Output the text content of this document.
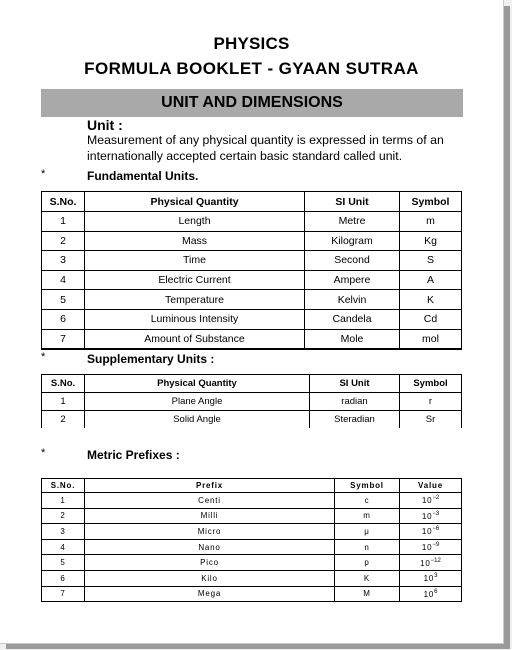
PHYSICS
FORMULA BOOKLET - GYAAN SUTRAA
UNIT AND DIMENSIONS
Unit :
Measurement of any physical quantity is expressed in terms of an internationally accepted certain basic standard called unit.
*	Fundamental Units.
S.No.	Physical Quantity	SI Unit	Symbol
1	Length	Metre	m
2	Mass	Kilogram	Kg
3	Time	Second	S
4	Electric Current	Ampere	A
5	Temperature	Kelvin	K
6	Luminous Intensity	Candela	Cd
7	Amount of Substance	Mole	mol
*	Supplementary Units :
S.No.	Physical Quantity	SI Unit	Symbol
1	Plane Angle	radian	r
2	Solid Angle	Steradian	Sr
*	Metric Prefixes :
S.No.	Prefix	Symbol	Value
1	Centi	c	$10^{-2}$
2	Milli	m	$10^{-3}$
3	Micro	μ	$10^{-6}$
4	Nano	n	$10^{-9}$
5	Pico	p	$10^{-12}$
6	Kilo	K	$10^3$
7	Mega	M	$10^6$
